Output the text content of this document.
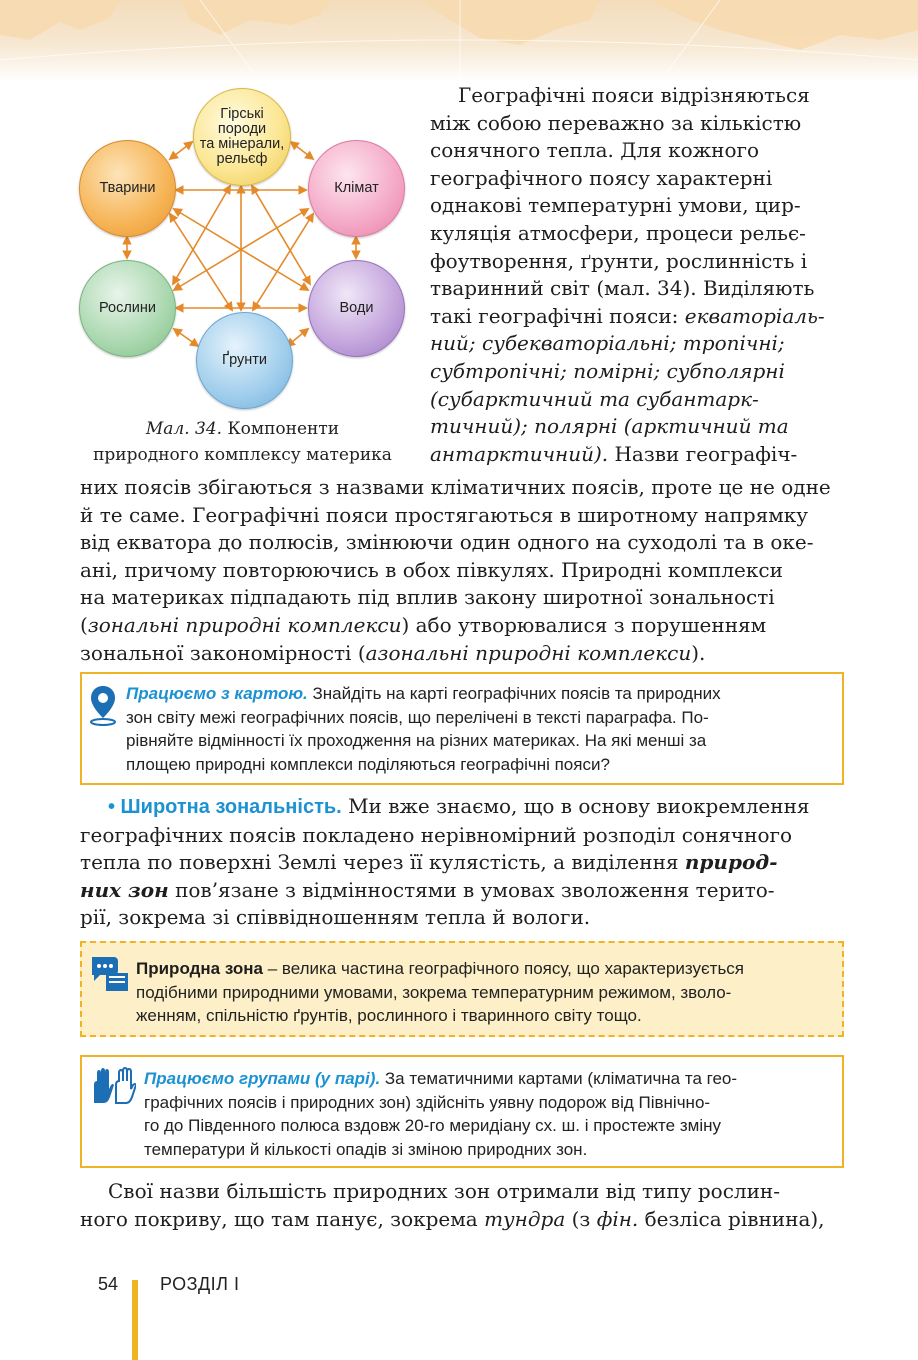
Гірські
породи
та мінерали,
рельєф
Тварини	Клімат
Рослини	Води
Ґрунти
Мал. 34. Компоненти
природного комплексу материка

Географічні пояси відрізняються

між собою переважно за кількістю

сонячного тепла. Для кожного

географічного поясу характерні

однакові температурні умови, цир-

куляція атмосфери, процеси рельє-

фоутворення, ґрунти, рослинність і

тваринний світ (мал. 34). Виділяють

такі географічні пояси: екваторіаль-

ний; субекваторіальні; тропічні;

субтропічні; помірні; субполярні

(субарктичний та субантарк-

тичний); полярні (арктичний та

антарктичний). Назви географіч-

них поясів збігаються з назвами кліматичних поясів, проте це не одне

й те саме. Географічні пояси простягаються в широтному напрямку

від екватора до полюсів, змінюючи один одного на суходолі та в оке-

ані, причому повторюючись в обох півкулях. Природні комплекси

на материках підпадають під вплив закону широтної зональності

(зональні природні комплекси) або утворювалися з порушенням

зональної закономірності (азональні природні комплекси).

Працюємо з картою. Знайдіть на карті географічних поясів та природних
зон світу межі географічних поясів, що перелічені в тексті параграфа. По-
рівняйте відмінності їх проходження на різних материках. На які менші за
площею природні комплекси поділяються географічні пояси?

• Широтна зональність. Ми вже знаємо, що в основу виокремлення

географічних поясів покладено нерівномірний розподіл сонячного

тепла по поверхні Землі через її кулястість, а виділення природ-

них зон пов’язане з відмінностями в умовах зволоження терито-

рії, зокрема зі співвідношенням тепла й вологи.

Природна зона – велика частина географічного поясу, що характеризується
подібними природними умовами, зокрема температурним режимом, зволо-
женням, спільністю ґрунтів, рослинного і тваринного світу тощо.
Працюємо групами (у парі). За тематичними картами (кліматична та гео-
графічних поясів і природних зон) здійсніть уявну подорож від Північно-
го до Південного полюса вздовж 20-го меридіану сх. ш. і простежте зміну
температури й кількості опадів зі зміною природних зон.

Свої назви більшість природних зон отримали від типу рослин-

ного покриву, що там панує, зокрема тундра (з фін. безліса рівнина),

54 РОЗДІЛ І
